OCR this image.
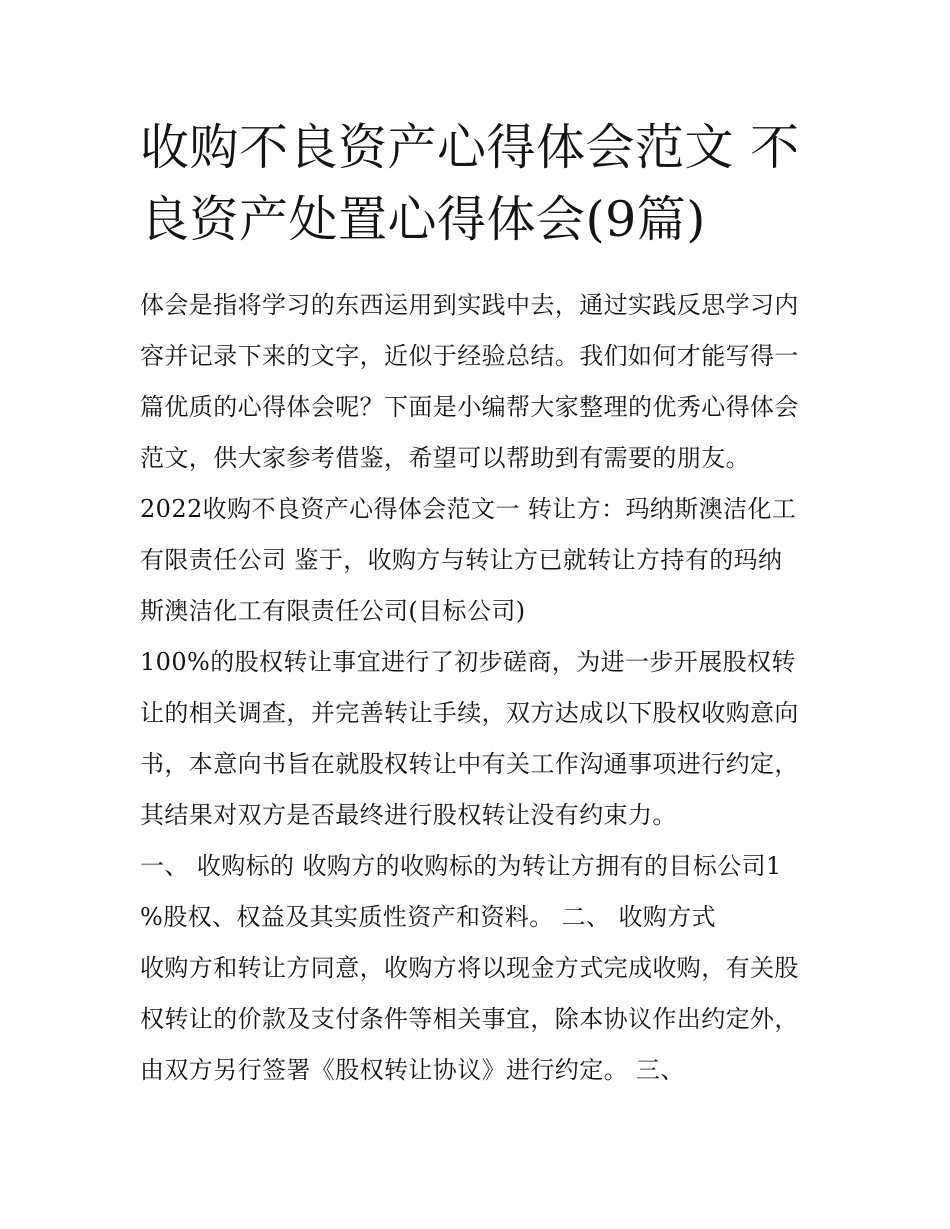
收购不良资产心得体会范文 不良资产处置心得体会(9篇)

体会是指将学习的东西运用到实践中去，通过实践反思学习内
容并记录下来的文字，近似于经验总结。我们如何才能写得一
篇优质的心得体会呢？下面是小编帮大家整理的优秀心得体会
范文，供大家参考借鉴，希望可以帮助到有需要的朋友。

2022收购不良资产心得体会范文一 转让方：玛纳斯澳洁化工
有限责任公司 鉴于，收购方与转让方已就转让方持有的玛纳
斯澳洁化工有限责任公司(目标公司)

100%的股权转让事宜进行了初步磋商，为进一步开展股权转
让的相关调查，并完善转让手续，双方达成以下股权收购意向
书，本意向书旨在就股权转让中有关工作沟通事项进行约定，
其结果对双方是否最终进行股权转让没有约束力。

一、 收购标的 收购方的收购标的为转让方拥有的目标公司1
%股权、权益及其实质性资产和资料。 二、 收购方式

收购方和转让方同意，收购方将以现金方式完成收购，有关股
权转让的价款及支付条件等相关事宜，除本协议作出约定外，
由双方另行签署《股权转让协议》进行约定。 三、
